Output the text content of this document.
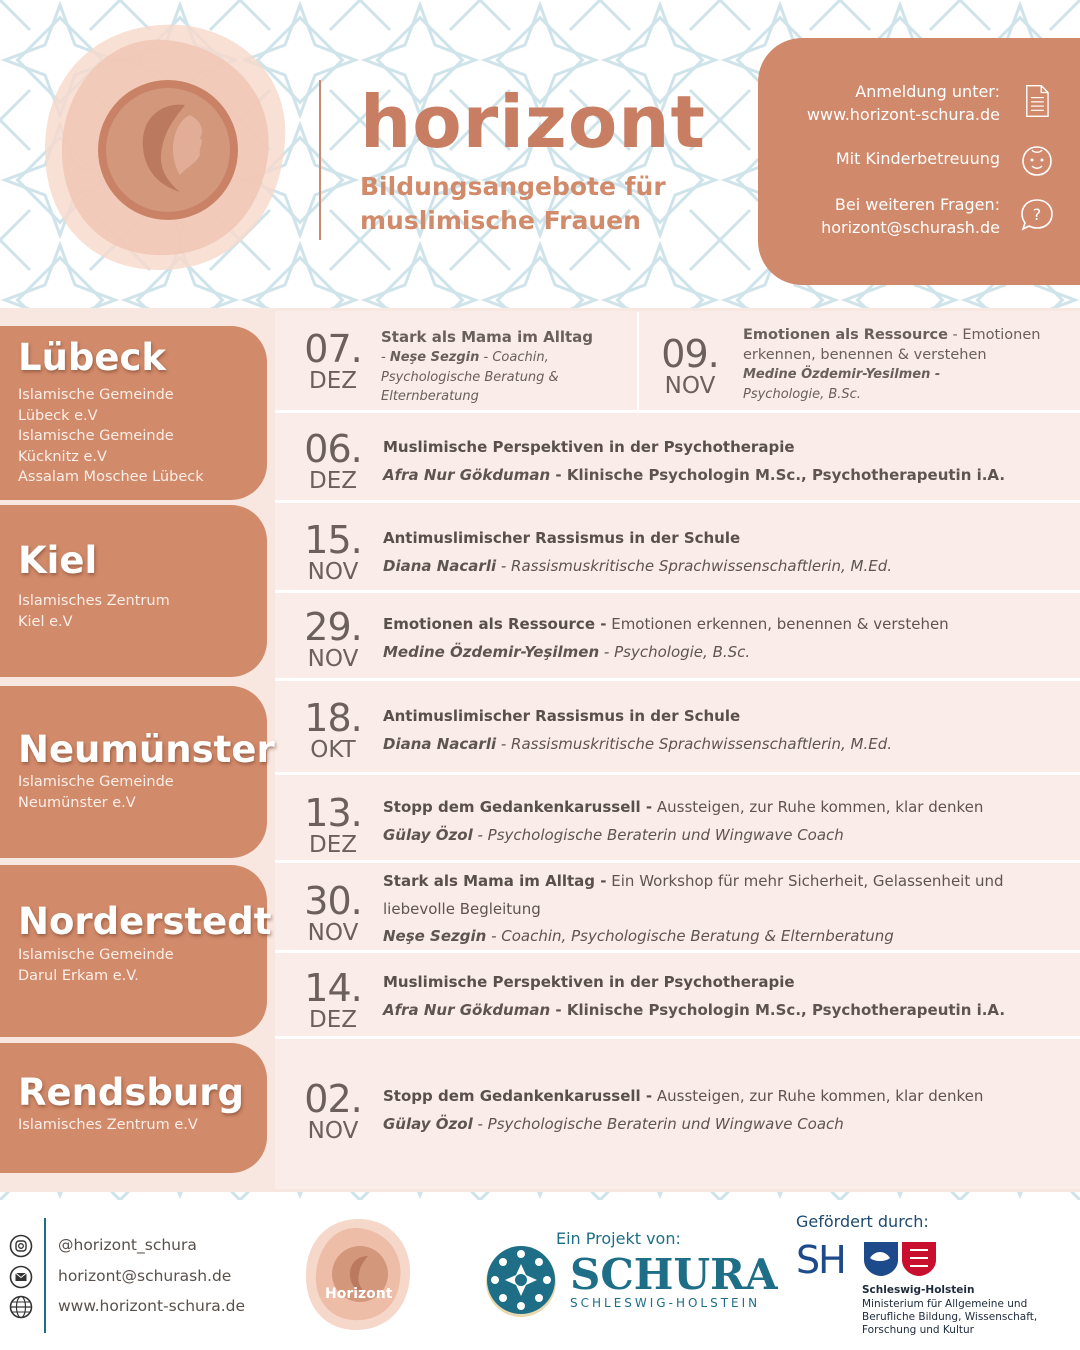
horizont
Bildungsangebote für
muslimische Frauen
Anmeldung unter:
www.horizont-schura.de
Mit Kinderbetreuung
Bei weiteren Fragen:
horizont@schurash.de
?
Lübeck
Islamische Gemeinde
Lübeck e.V
Islamische Gemeinde
Kücknitz e.V
Assalam Moschee Lübeck
Kiel
Islamisches Zentrum
Kiel e.V
Neumünster
Islamische Gemeinde
Neumünster e.V
Norderstedt
Islamische Gemeinde
Darul Erkam e.V.
Rendsburg
Islamisches Zentrum e.V
07.
DEZ
Stark als Mama im Alltag
- Neşe Sezgin - Coachin, Psychologische Beratung & Elternberatung
09.
NOV
Emotionen als Ressource - Emotionen erkennen, benennen & verstehen
Medine Özdemir-Yesilmen -
Psychologie, B.Sc.
06.
DEZ
Muslimische Perspektiven in der Psychotherapie
Afra Nur Gökduman - Klinische Psychologin M.Sc., Psychotherapeutin i.A.
15.
NOV
Antimuslimischer Rassismus in der Schule
Diana Nacarli - Rassismuskritische Sprachwissenschaftlerin, M.Ed.
29.
NOV
Emotionen als Ressource - Emotionen erkennen, benennen & verstehen
Medine Özdemir-Yeşilmen - Psychologie, B.Sc.
18.
OKT
Antimuslimischer Rassismus in der Schule
Diana Nacarli - Rassismuskritische Sprachwissenschaftlerin, M.Ed.
13.
DEZ
Stopp dem Gedankenkarussell - Aussteigen, zur Ruhe kommen, klar denken
Gülay Özol - Psychologische Beraterin und Wingwave Coach
30.
NOV
Stark als Mama im Alltag - Ein Workshop für mehr Sicherheit, Gelassenheit und liebevolle Begleitung
Neşe Sezgin - Coachin, Psychologische Beratung & Elternberatung
14.
DEZ
Muslimische Perspektiven in der Psychotherapie
Afra Nur Gökduman - Klinische Psychologin M.Sc., Psychotherapeutin i.A.
02.
NOV
Stopp dem Gedankenkarussell - Aussteigen, zur Ruhe kommen, klar denken
Gülay Özol - Psychologische Beraterin und Wingwave Coach
@horizont_schura
horizont@schurash.de
www.horizont-schura.de
Horizont
Ein Projekt von:
SCHURA
SCHLESWIG-HOLSTEIN
Gefördert durch:
SH
Schleswig-Holstein
Ministerium für Allgemeine und
Berufliche Bildung, Wissenschaft,
Forschung und Kultur
